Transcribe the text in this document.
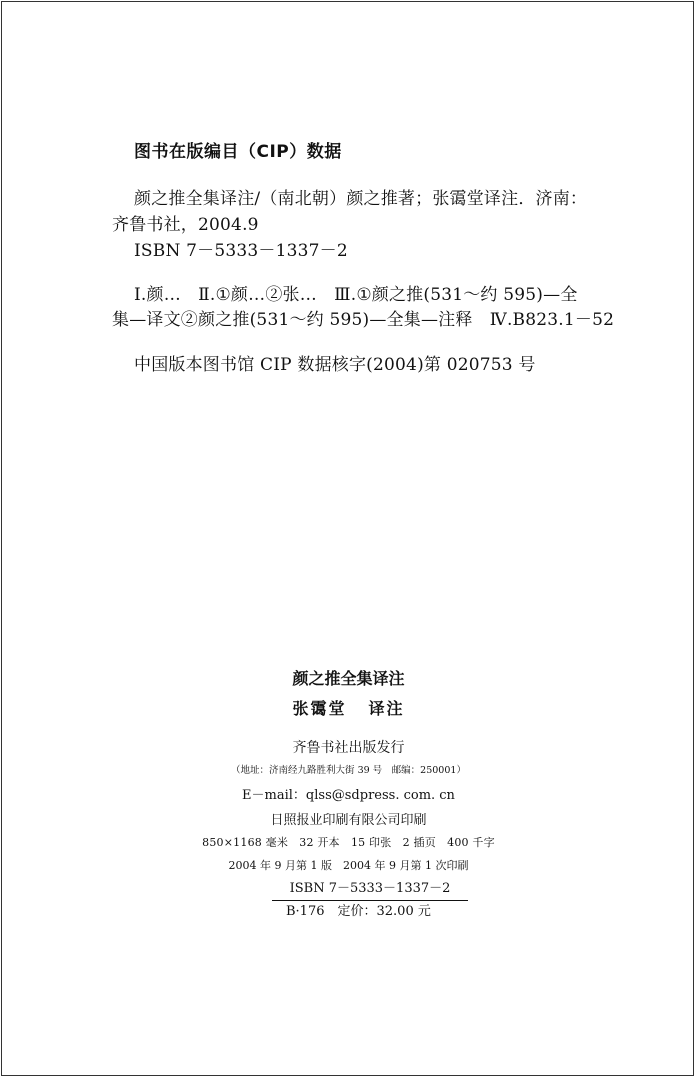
图书在版编目（CIP）数据
颜之推全集译注/（南北朝）颜之推著；张霭堂译注．济南：
齐鲁书社，2004.9
ISBN 7－5333－1337－2
Ⅰ.颜…　Ⅱ.①颜…②张…　Ⅲ.①颜之推(531～约 595)—全
集—译文②颜之推(531～约 595)—全集—注释　Ⅳ.B823.1－52
中国版本图书馆 CIP 数据核字(2004)第 020753 号
颜之推全集译注
张霭堂 译注
齐鲁书社出版发行
（地址：济南经九路胜利大街 39 号　邮编：250001）
E－mail：qlss@sdpress. com. cn
日照报业印刷有限公司印刷
850×1168 毫米　32 开本　15 印张　2 插页　400 千字
2004 年 9 月第 1 版　2004 年 9 月第 1 次印刷
ISBN 7－5333－1337－2
B·176　定价：32.00 元
